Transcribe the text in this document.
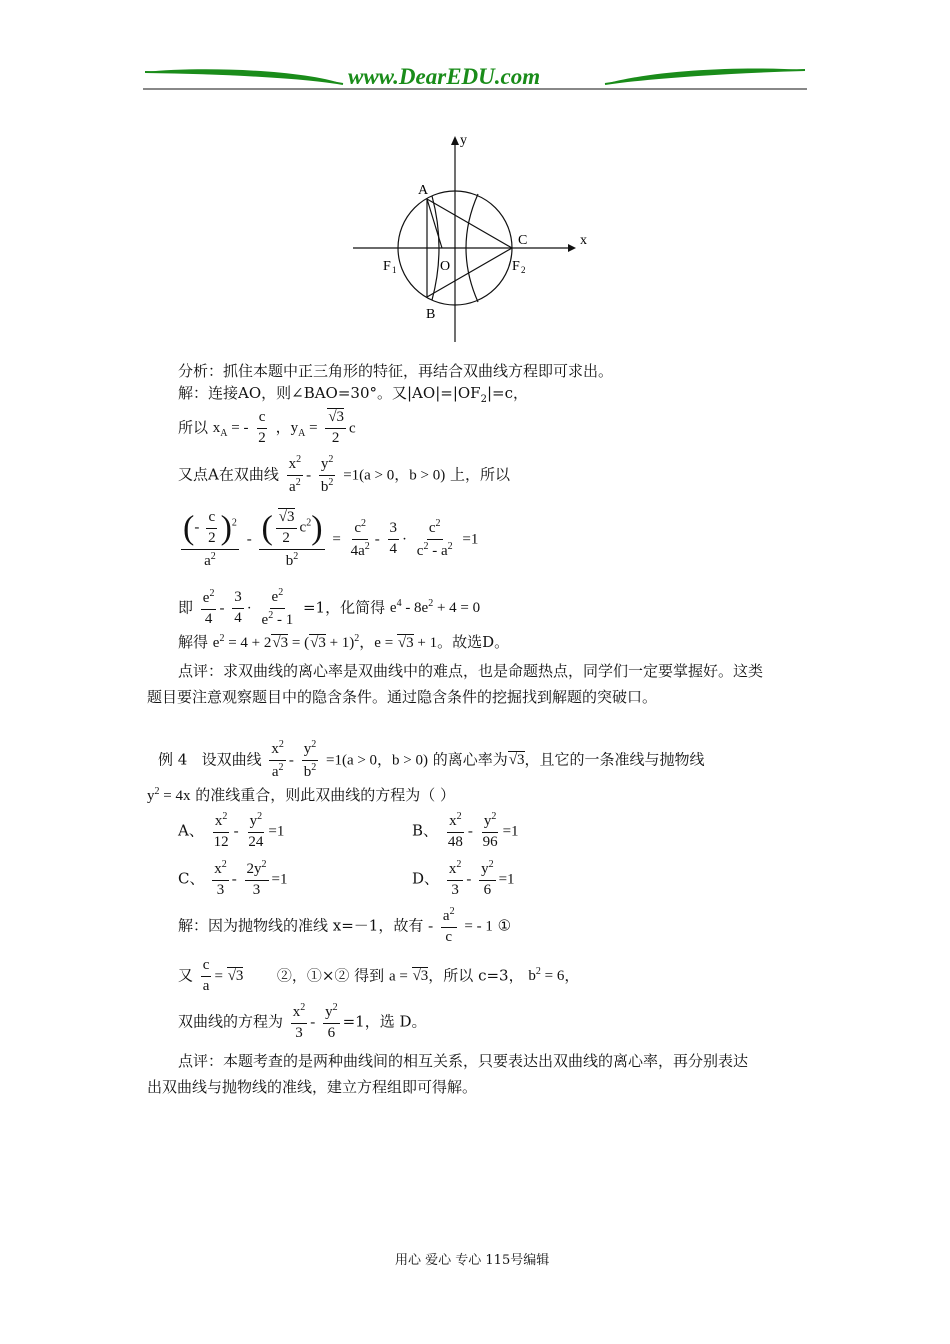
www.DearEDU.com
y
x
A
B
C
O
F 1	F 2
分析：抓住本题中正三角形的特征，再结合双曲线方程即可求出。
解：连接AO，则∠BAO=30°。又$|AO|=|OF_2|=c$，
所以 $x_A$ = - $\frac{c}{2}$ ，$y_A = \frac{√3}{2}$ c
又点A在双曲线 $\frac{x^2}{a^2} - \frac{y^2}{b^2} =1(a > 0$，b > 0) 上，所以
$\frac{(- \frac{c}{2} )^2}{a^2} - \frac{( \frac{√3}{2} c^2)}{b^2} = \frac{c^2}{4a^2} - \frac{3}{4} \cdot \frac{c^2}{c^2 - a^2} =1$
即 $\frac{e^2}{4} - \frac{3}{4} \cdot \frac{e^2}{e^2 - 1} =1$，化简得 $e^4 - 8e^2 + 4 = 0$
解得 $e^2 = 4 + 2√3 = (√3 + 1)^2$，e = √3 + 1。故选D。
点评：求双曲线的离心率是双曲线中的难点，也是命题热点，同学们一定要掌握好。这类
题目要注意观察题目中的隐含条件。通过隐含条件的挖掘找到解题的突破口。
例 4 设双曲线 $\frac{x^2}{a^2} - \frac{y^2}{b^2} =1(a > 0$，b > 0) 的离心率为√3，且它的一条准线与抛物线
$y^2 = 4x$ 的准线重合，则此双曲线的方程为（ ）
A、 $\frac{x^2}{12} - \frac{y^2}{24} =1$	B、 $\frac{x^2}{48} - \frac{y^2}{96} =1$
C、 $\frac{x^2}{3} - \frac{2y^2}{3} =1$	D、 $\frac{x^2}{3} - \frac{y^2}{6} =1$
解：因为抛物线的准线 x=－1，故有 - $\frac{a^2}{c}$ = - 1 ①
又 $\frac{c}{a} = √3$ ②，①×② 得到 a = √3，所以 c=3， $b^2 = 6$，
双曲线的方程为 $\frac{x^2}{3} - \frac{y^2}{6} =1$，选 D。
点评：本题考查的是两种曲线间的相互关系，只要表达出双曲线的离心率，再分别表达
出双曲线与抛物线的准线，建立方程组即可得解。
用心 爱心 专心 115号编辑
